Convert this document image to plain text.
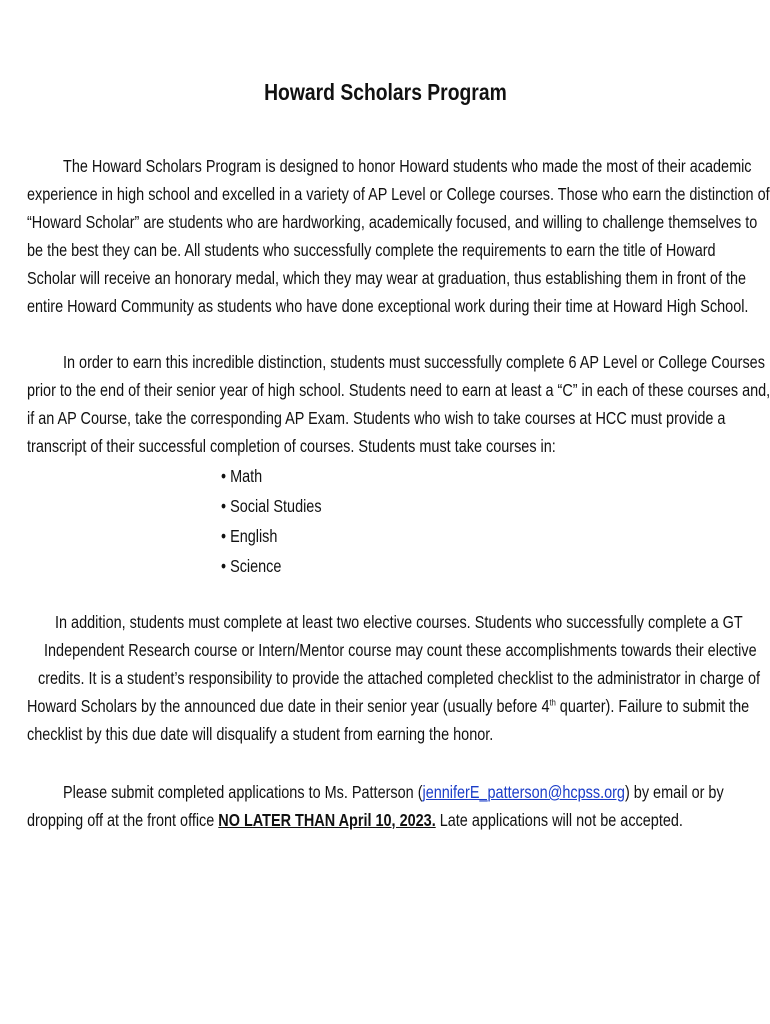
Howard Scholars Program
The Howard Scholars Program is designed to honor Howard students who made the most of their academic
experience in high school and excelled in a variety of AP Level or College courses. Those who earn the distinction of
“Howard Scholar” are students who are hardworking, academically focused, and willing to challenge themselves to
be the best they can be. All students who successfully complete the requirements to earn the title of Howard
Scholar will receive an honorary medal, which they may wear at graduation, thus establishing them in front of the
entire Howard Community as students who have done exceptional work during their time at Howard High School.
In order to earn this incredible distinction, students must successfully complete 6 AP Level or College Courses
prior to the end of their senior year of high school. Students need to earn at least a “C” in each of these courses and,
if an AP Course, take the corresponding AP Exam. Students who wish to take courses at HCC must provide a
transcript of their successful completion of courses. Students must take courses in:
• Math
• Social Studies
• English
• Science
In addition, students must complete at least two elective courses. Students who successfully complete a GT
Independent Research course or Intern/Mentor course may count these accomplishments towards their elective
credits. It is a student’s responsibility to provide the attached completed checklist to the administrator in charge of
Howard Scholars by the announced due date in their senior year (usually before 4th quarter). Failure to submit the
checklist by this due date will disqualify a student from earning the honor.
Please submit completed applications to Ms. Patterson (jenniferE_patterson@hcpss.org) by email or by
dropping off at the front office NO LATER THAN April 10, 2023. Late applications will not be accepted.
